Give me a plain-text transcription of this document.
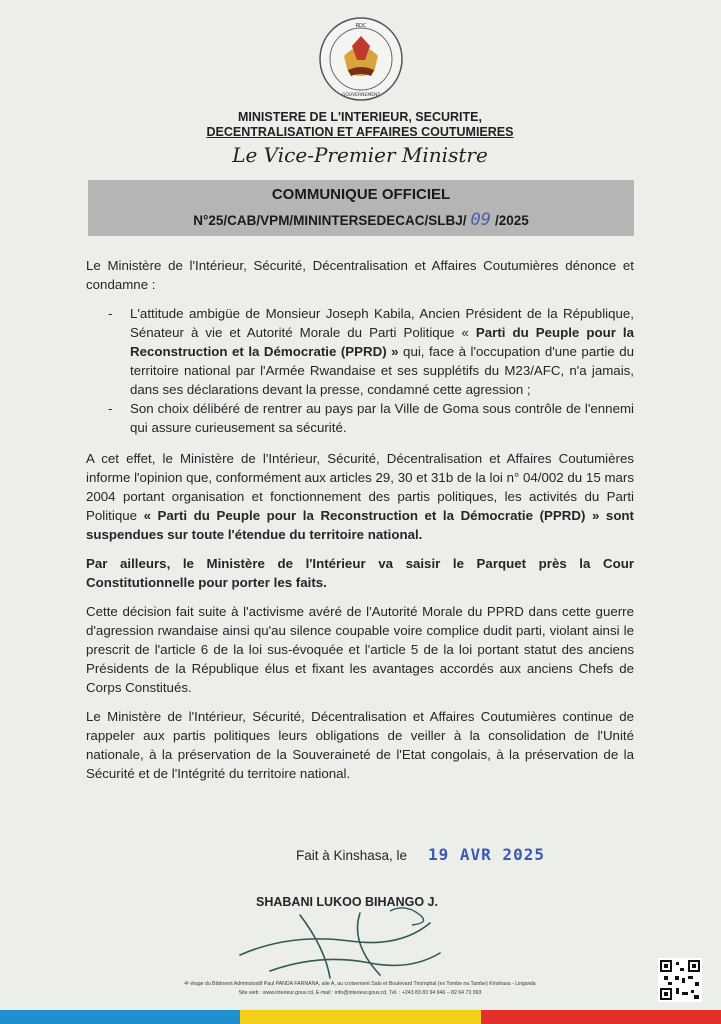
RDC
GOUVERNEMENT
MINISTERE DE L'INTERIEUR, SECURITE,
DECENTRALISATION ET AFFAIRES COUTUMIERES
Le Vice-Premier Ministre
COMMUNIQUE OFFICIEL
N°25/CAB/VPM/MININTERSEDECAC/SLBJ/ 09 /2025

Le Ministère de l'Intérieur, Sécurité, Décentralisation et Affaires Coutumières dénonce et condamne :

- L'attitude ambigüe de Monsieur Joseph Kabila, Ancien Président de la République, Sénateur à vie et Autorité Morale du Parti Politique « Parti du Peuple pour la Reconstruction et la Démocratie (PPRD) » qui, face à l'occupation d'une partie du territoire national par l'Armée Rwandaise et ses supplétifs du M23/AFC, n'a jamais, dans ses déclarations devant la presse, condamné cette agression ;
- Son choix délibéré de rentrer au pays par la Ville de Goma sous contrôle de l'ennemi qui assure curieusement sa sécurité.

A cet effet, le Ministère de l'Intérieur, Sécurité, Décentralisation et Affaires Coutumières informe l'opinion que, conformément aux articles 29, 30 et 31b de la loi n° 04/002 du 15 mars 2004 portant organisation et fonctionnement des partis politiques, les activités du Parti Politique « Parti du Peuple pour la Reconstruction et la Démocratie (PPRD) » sont suspendues sur toute l'étendue du territoire national.

Par ailleurs, le Ministère de l'Intérieur va saisir le Parquet près la Cour Constitutionnelle pour porter les faits.

Cette décision fait suite à l'activisme avéré de l'Autorité Morale du PPRD dans cette guerre d'agression rwandaise ainsi qu'au silence coupable voire complice dudit parti, violant ainsi le prescrit de l'article 6 de la loi sus-évoquée et l'article 5 de la loi portant statut des anciens Présidents de la République élus et fixant les avantages accordés aux anciens Chefs de Corps Constitués.

Le Ministère de l'Intérieur, Sécurité, Décentralisation et Affaires Coutumières continue de rappeler aux partis politiques leurs obligations de veiller à la consolidation de l'Unité nationale, à la préservation de la Souveraineté de l'Etat congolais, à la préservation de la Sécurité et de l'Intégrité du territoire national.

Fait à Kinshasa, le 19 AVR 2025
SHABANI LUKOO BIHANGO J.
4ᵉ étage du Bâtiment Administratif Paul PANDA FARNANA, aile A, au croisement Salo et Boulevard Triomphal (ex Tombe na Tambe) Kinshasa - Lingwala
Site web : www.interieur.gouv.cd, E-mail : info@interieur.gouv.cd, Tél. : +243 83 83 94 946 – 82 64 73 993
